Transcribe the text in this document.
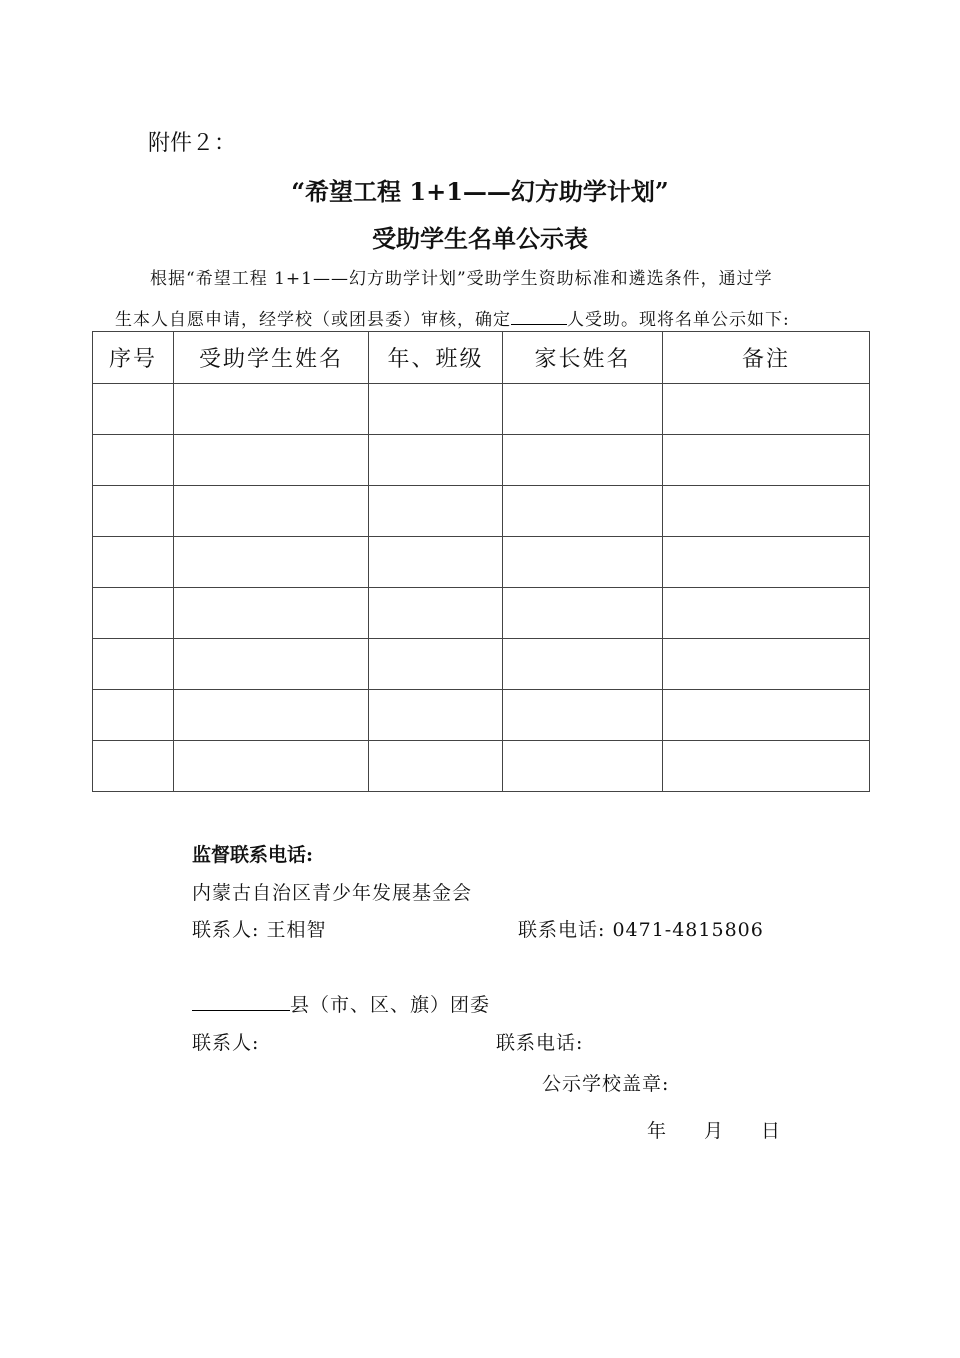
附件２：
“希望工程 1+1——幻方助学计划”
受助学生名单公示表
根据“希望工程 1+1——幻方助学计划”受助学生资助标准和遴选条件，通过学
生本人自愿申请，经学校（或团县委）审核，确定	人受助。现将名单公示如下:
序号	受助学生姓名	年、班级	家长姓名	备注

监督联系电话:
内蒙古自治区青少年发展基金会
联系人: 王相智	联系电话: 0471-4815806
县（市、区、旗）团委
联系人:	联系电话:
公示学校盖章:
年 月 日
